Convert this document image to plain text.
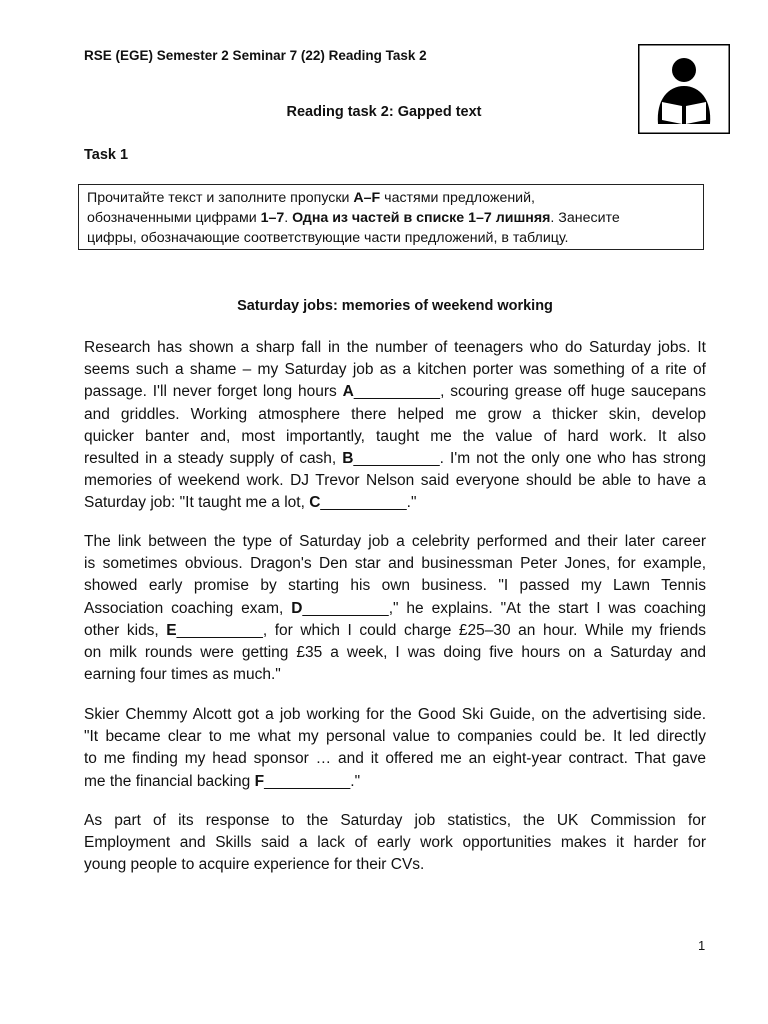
RSE (EGE) Semester 2 Seminar 7 (22) Reading Task 2
Reading task 2: Gapped text
Task 1
Прочитайте текст и заполните пропуски A–F частями предложений,
обозначенными цифрами 1–7. Одна из частей в списке 1–7 лишняя. Занесите
цифры, обозначающие соответствующие части предложений, в таблицу.
Saturday jobs: memories of weekend working
Research has shown a sharp fall in the number of teenagers who do Saturday jobs. It
seems such a shame – my Saturday job as a kitchen porter was something of a rite of
passage. I'll never forget long hours A__________, scouring grease off huge saucepans
and griddles. Working atmosphere there helped me grow a thicker skin, develop
quicker banter and, most importantly, taught me the value of hard work. It also
resulted in a steady supply of cash, B__________. I'm not the only one who has strong
memories of weekend work. DJ Trevor Nelson said everyone should be able to have a
Saturday job: "It taught me a lot, C__________."
The link between the type of Saturday job a celebrity performed and their later career
is sometimes obvious. Dragon's Den star and businessman Peter Jones, for example,
showed early promise by starting his own business. "I passed my Lawn Tennis
Association coaching exam, D__________," he explains. "At the start I was coaching
other kids, E__________, for which I could charge £25–30 an hour. While my friends
on milk rounds were getting £35 a week, I was doing five hours on a Saturday and
earning four times as much."
Skier Chemmy Alcott got a job working for the Good Ski Guide, on the advertising side.
"It became clear to me what my personal value to companies could be. It led directly
to me finding my head sponsor … and it offered me an eight-year contract. That gave
me the financial backing F__________."
As part of its response to the Saturday job statistics, the UK Commission for
Employment and Skills said a lack of early work opportunities makes it harder for
young people to acquire experience for their CVs.
1
